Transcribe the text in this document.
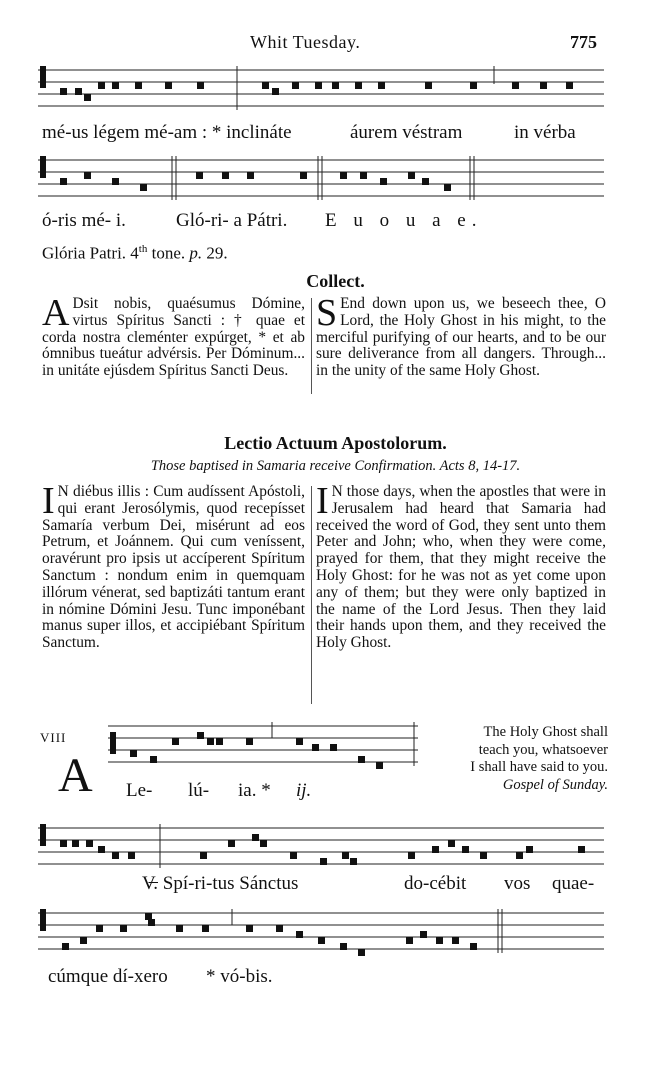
Whit Tuesday.	775
mé-us légem mé-am : * inclináte	áurem véstram	in vérba
ó-ris mé- i.	Gló-ri- a Pátri. E u o u a e.
Glória Patri. 4th tone. p. 29.
Collect.
A Dsit nobis, quaésumus Dómine, virtus Spíritus Sancti : † quae et corda nostra cleménter expúrget, * et ab ómnibus tueátur advérsis. Per Dóminum... in unitáte ejúsdem Spíritus Sancti Deus.
S End down upon us, we beseech thee, O Lord, the Holy Ghost in his might, to the merciful purifying of our hearts, and to be our sure deliverance from all dangers. Through... in the unity of the same Holy Ghost.
Lectio Actuum Apostolorum.
Those baptised in Samaria receive Confirmation. Acts 8, 14-17.
I N diébus illis : Cum audíssent Apóstoli, qui erant Jerosólymis, quod recepísset Samaría verbum Dei, misérunt ad eos Petrum, et Joánnem. Qui cum veníssent, oravérunt pro ipsis ut accíperent Spíritum Sanctum : nondum enim in quemquam illórum vénerat, sed baptizáti tantum erant in nómine Dómini Jesu. Tunc imponébant manus super illos, et accipiébant Spíritum Sanctum.
I N those days, when the apostles that were in Jerusalem had heard that Samaria had received the word of God, they sent unto them Peter and John; who, when they were come, prayed for them, that they might receive the Holy Ghost: for he was not as yet come upon any of them; but they were only baptized in the name of the Lord Jesus. Then they laid their hands upon them, and they received the Holy Ghost.
VIII
A Le- lú- ia. * ij.
The Holy Ghost shall
teach you, whatsoever
I shall have said to you.
Gospel of Sunday.
V̶. Spí-ri-tus Sánctus	do-cébit vos quae-
cúmque dí-xero * vó-bis.
